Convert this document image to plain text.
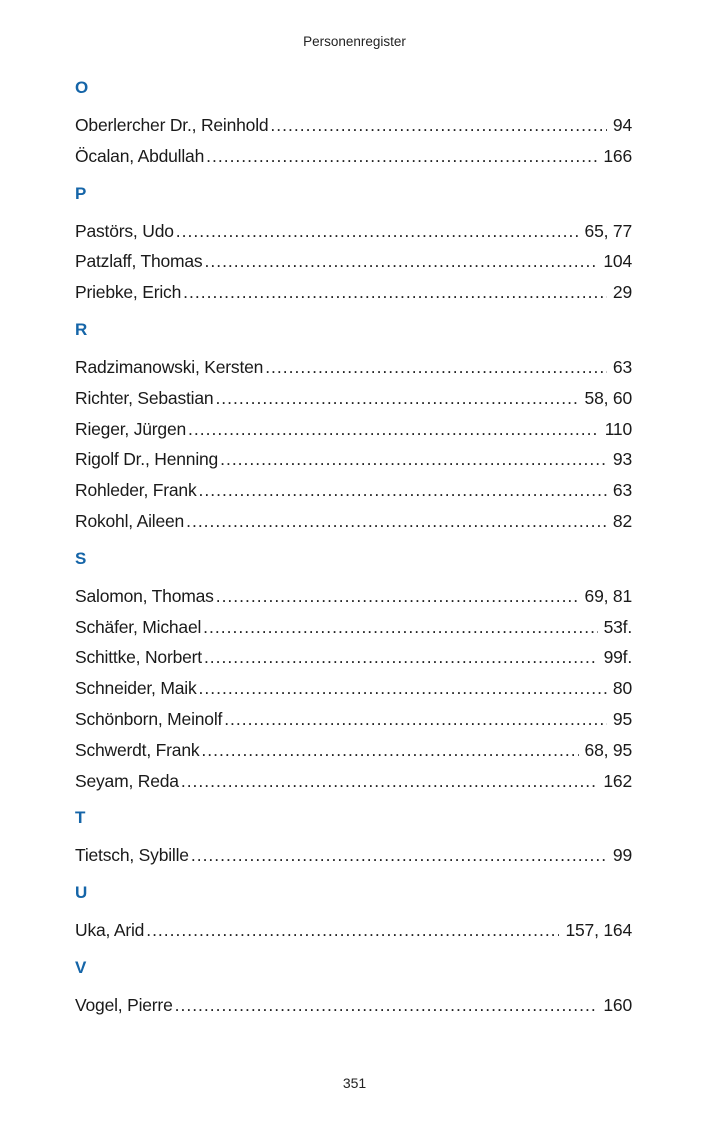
Personenregister
O
Oberlercher Dr., Reinhold .....	94
Öcalan, Abdullah .....	166
P
Pastörs, Udo .....	65, 77
Patzlaff, Thomas .....	104
Priebke, Erich .....	29
R
Radzimanowski, Kersten .....	63
Richter, Sebastian .....	58, 60
Rieger, Jürgen .....	110
Rigolf Dr., Henning .....	93
Rohleder, Frank .....	63
Rokohl, Aileen .....	82
S
Salomon, Thomas .....	69, 81
Schäfer, Michael .....	53f.
Schittke, Norbert .....	99f.
Schneider, Maik .....	80
Schönborn, Meinolf .....	95
Schwerdt, Frank .....	68, 95
Seyam, Reda .....	162
T
Tietsch, Sybille .....	99
U
Uka, Arid .....	157, 164
V
Vogel, Pierre .....	160
351
